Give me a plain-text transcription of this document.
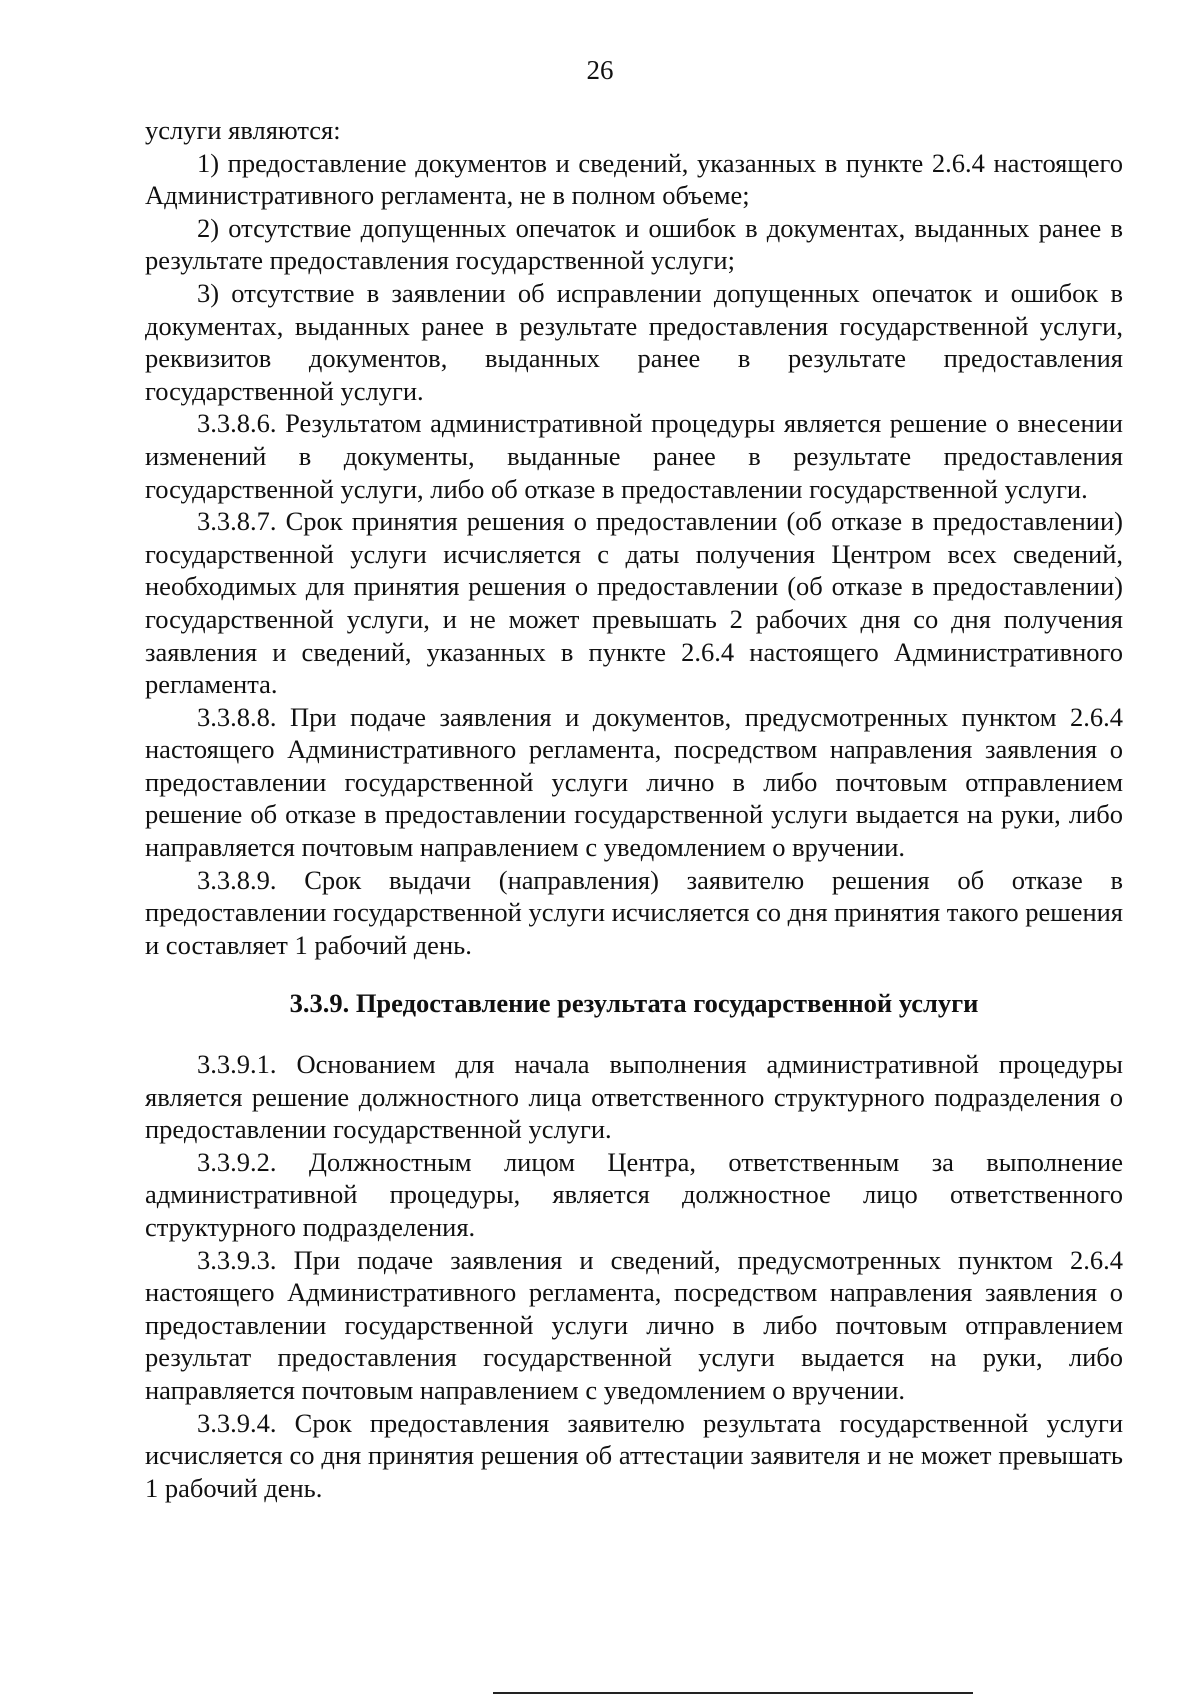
26

услуги являются:

1) предоставление документов и сведений, указанных в пункте 2.6.4 настоящего Административного регламента, не в полном объеме;

2) отсутствие допущенных опечаток и ошибок в документах, выданных ранее в результате предоставления государственной услуги;

3) отсутствие в заявлении об исправлении допущенных опечаток и ошибок в документах, выданных ранее в результате предоставления государственной услуги, реквизитов документов, выданных ранее в результате предоставления государственной услуги.

3.3.8.6. Результатом административной процедуры является решение о внесении изменений в документы, выданные ранее в результате предоставления государственной услуги, либо об отказе в предоставлении государственной услуги.

3.3.8.7. Срок принятия решения о предоставлении (об отказе в предоставлении) государственной услуги исчисляется с даты получения Центром всех сведений, необходимых для принятия решения о предоставлении (об отказе в предоставлении) государственной услуги, и не может превышать 2 рабочих дня со дня получения заявления и сведений, указанных в пункте 2.6.4 настоящего Административного регламента.

3.3.8.8. При подаче заявления и документов, предусмотренных пунктом 2.6.4 настоящего Административного регламента, посредством направления заявления о предоставлении государственной услуги лично в либо почтовым отправлением решение об отказе в предоставлении государственной услуги выдается на руки, либо направляется почтовым направлением с уведомлением о вручении.

3.3.8.9. Срок выдачи (направления) заявителю решения об отказе в предоставлении государственной услуги исчисляется со дня принятия такого решения и составляет 1 рабочий день.

3.3.9. Предоставление результата государственной услуги

3.3.9.1. Основанием для начала выполнения административной процедуры является решение должностного лица ответственного структурного подразделения о предоставлении государственной услуги.

3.3.9.2. Должностным лицом Центра, ответственным за выполнение административной процедуры, является должностное лицо ответственного структурного подразделения.

3.3.9.3. При подаче заявления и сведений, предусмотренных пунктом 2.6.4 настоящего Административного регламента, посредством направления заявления о предоставлении государственной услуги лично в либо почтовым отправлением результат предоставления государственной услуги выдается на руки, либо направляется почтовым направлением с уведомлением о вручении.

3.3.9.4. Срок предоставления заявителю результата государственной услуги исчисляется со дня принятия решения об аттестации заявителя и не может превышать 1 рабочий день.
